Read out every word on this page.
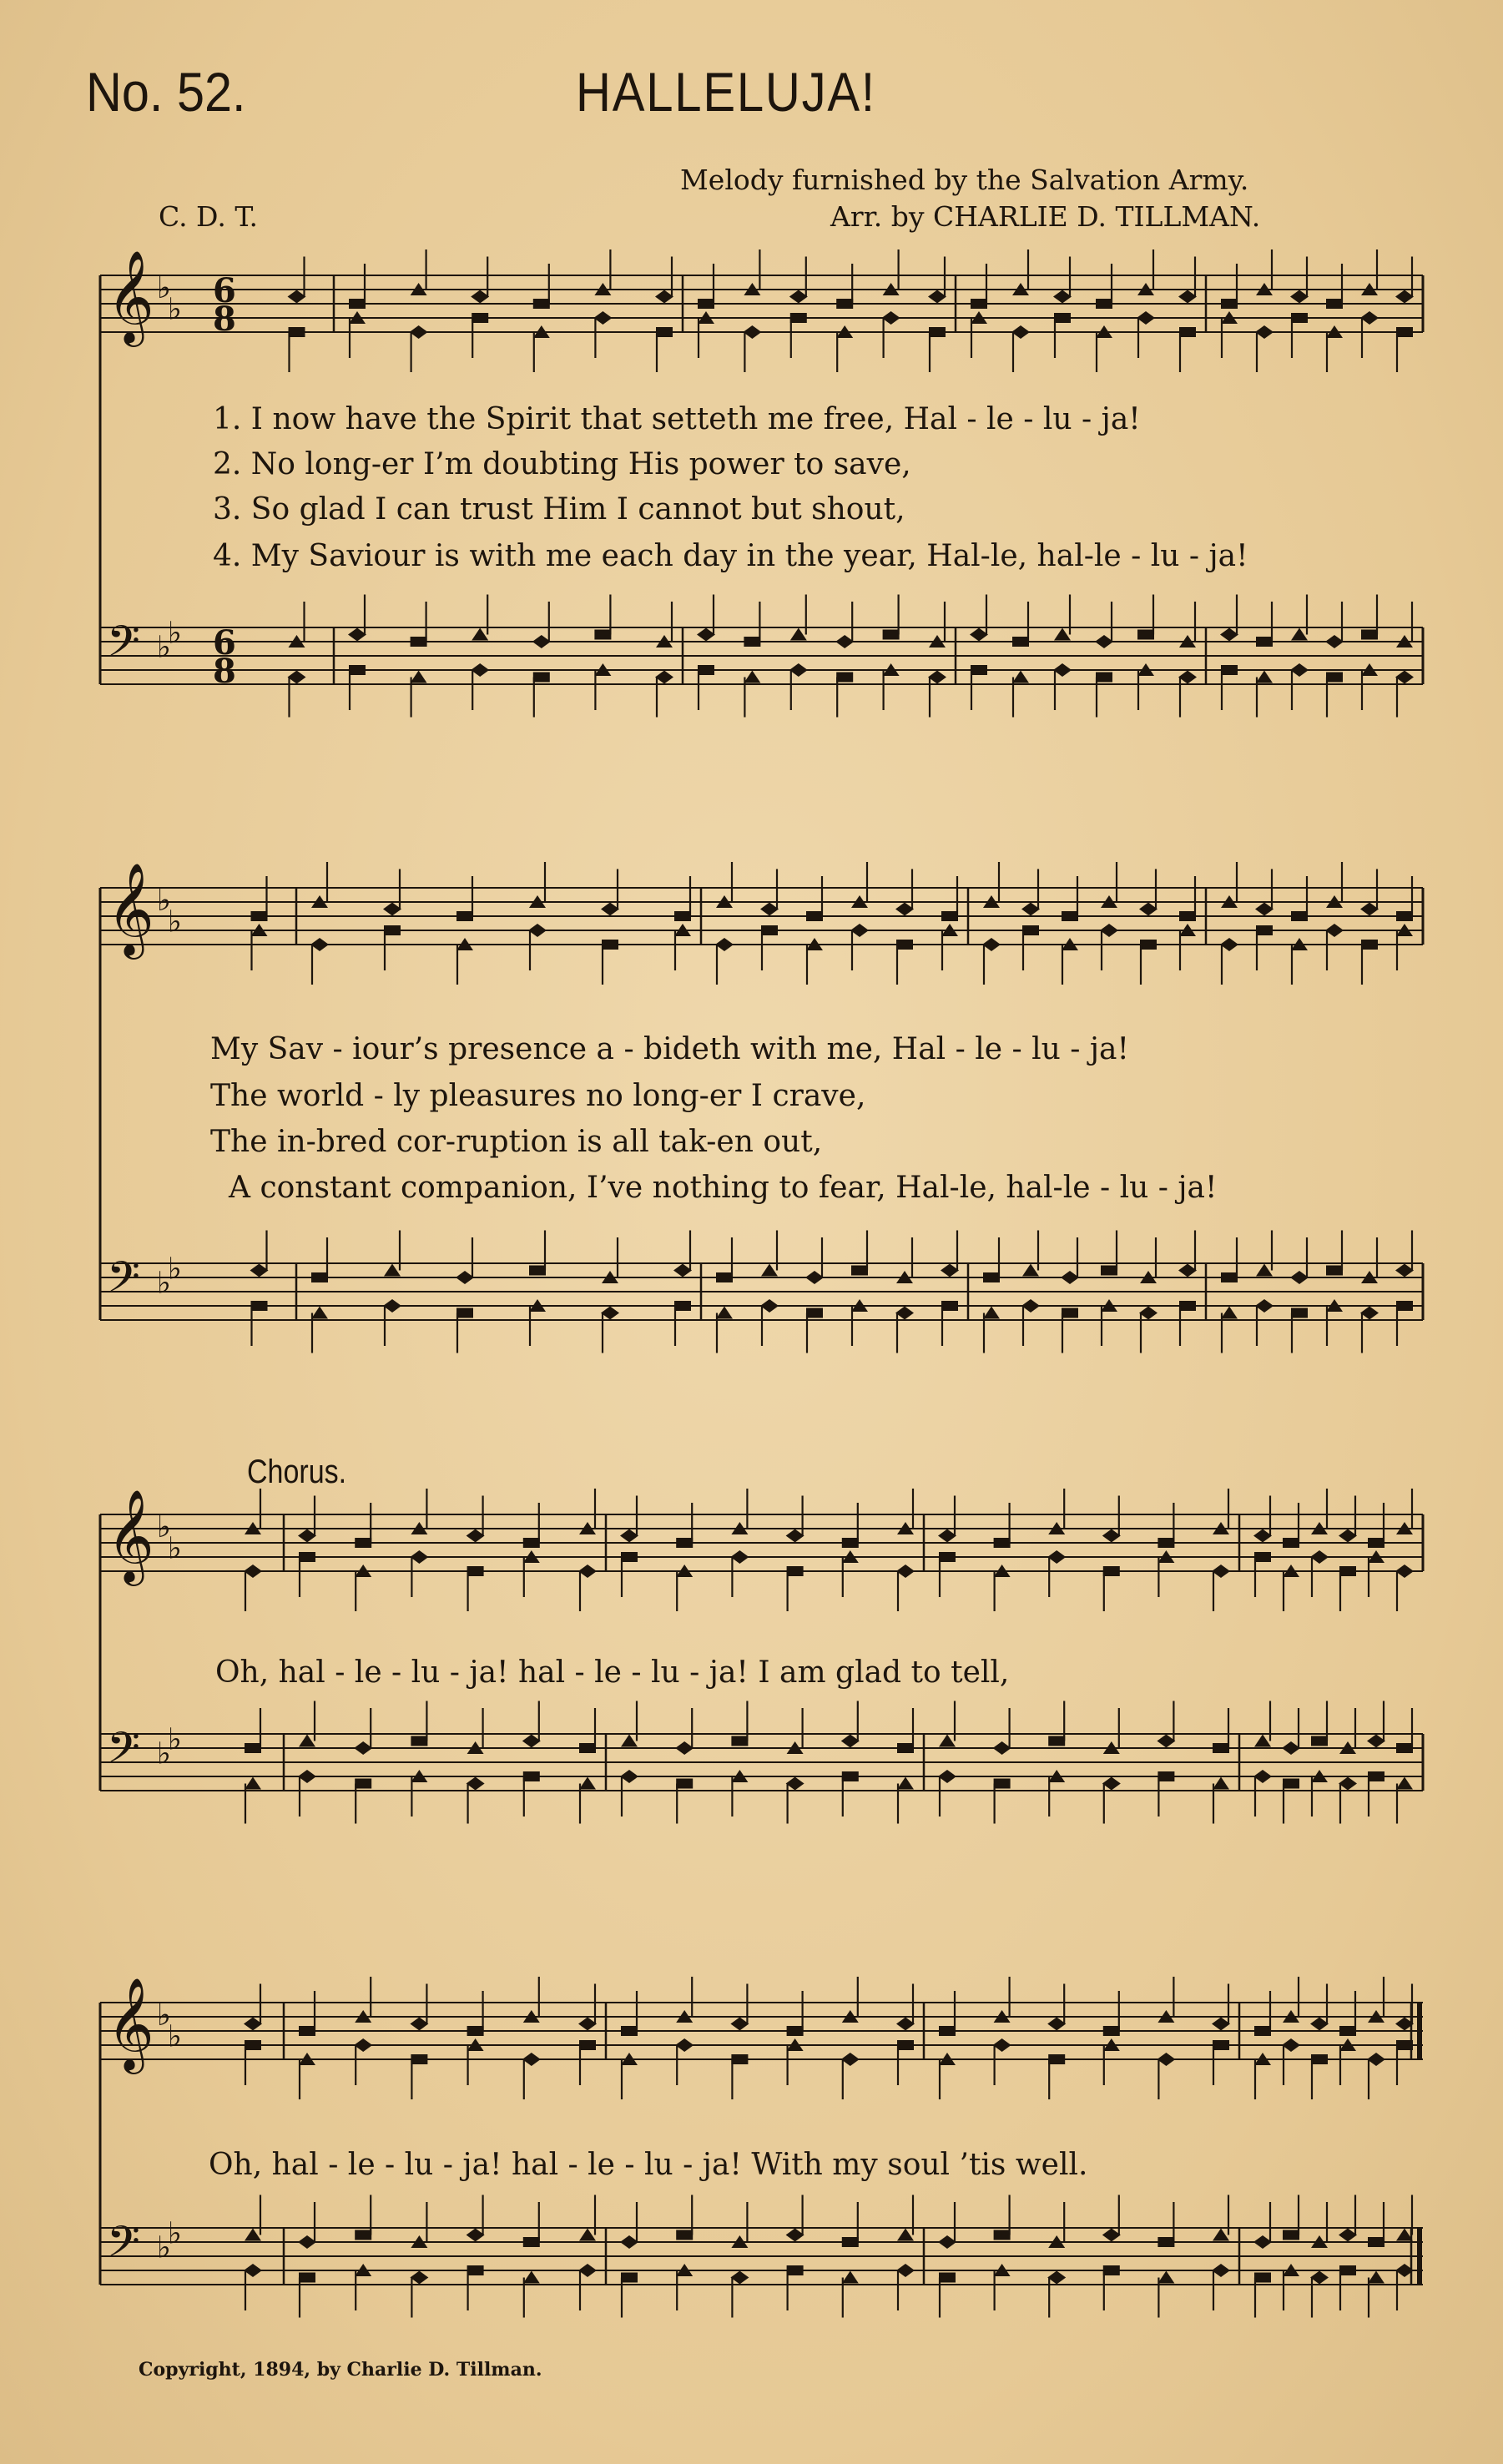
No. 52.	HALLELUJA!
Melody furnished by the Salvation Army.
C. D. T.	Arr. by CHARLIE D. TILLMAN.
𝄞
𝄢
♭
♭
♭
♭
6
8
6
8
𝄞
𝄢
♭
♭
♭
♭
𝄞
𝄢
♭
♭
♭
♭
𝄞
𝄢
♭
♭
♭
♭
1. I now have the Spirit that setteth me free, Hal - le - lu - ja!
2. No long-er I’m doubting His power to save,
3. So glad I can trust Him I cannot but shout,
4. My Saviour is with me each day in the year, Hal-le, hal-le - lu - ja!
My Sav - iour’s presence a - bideth with me, Hal - le - lu - ja!
The world - ly pleasures no long-er I crave,
The in-bred cor-ruption is all tak-en out,
A constant companion, I’ve nothing to fear, Hal-le, hal-le - lu - ja!
Chorus.
Oh, hal - le - lu - ja! hal - le - lu - ja! I am glad to tell,
Oh, hal - le - lu - ja! hal - le - lu - ja! With my soul ’tis well.
Copyright, 1894, by Charlie D. Tillman.
